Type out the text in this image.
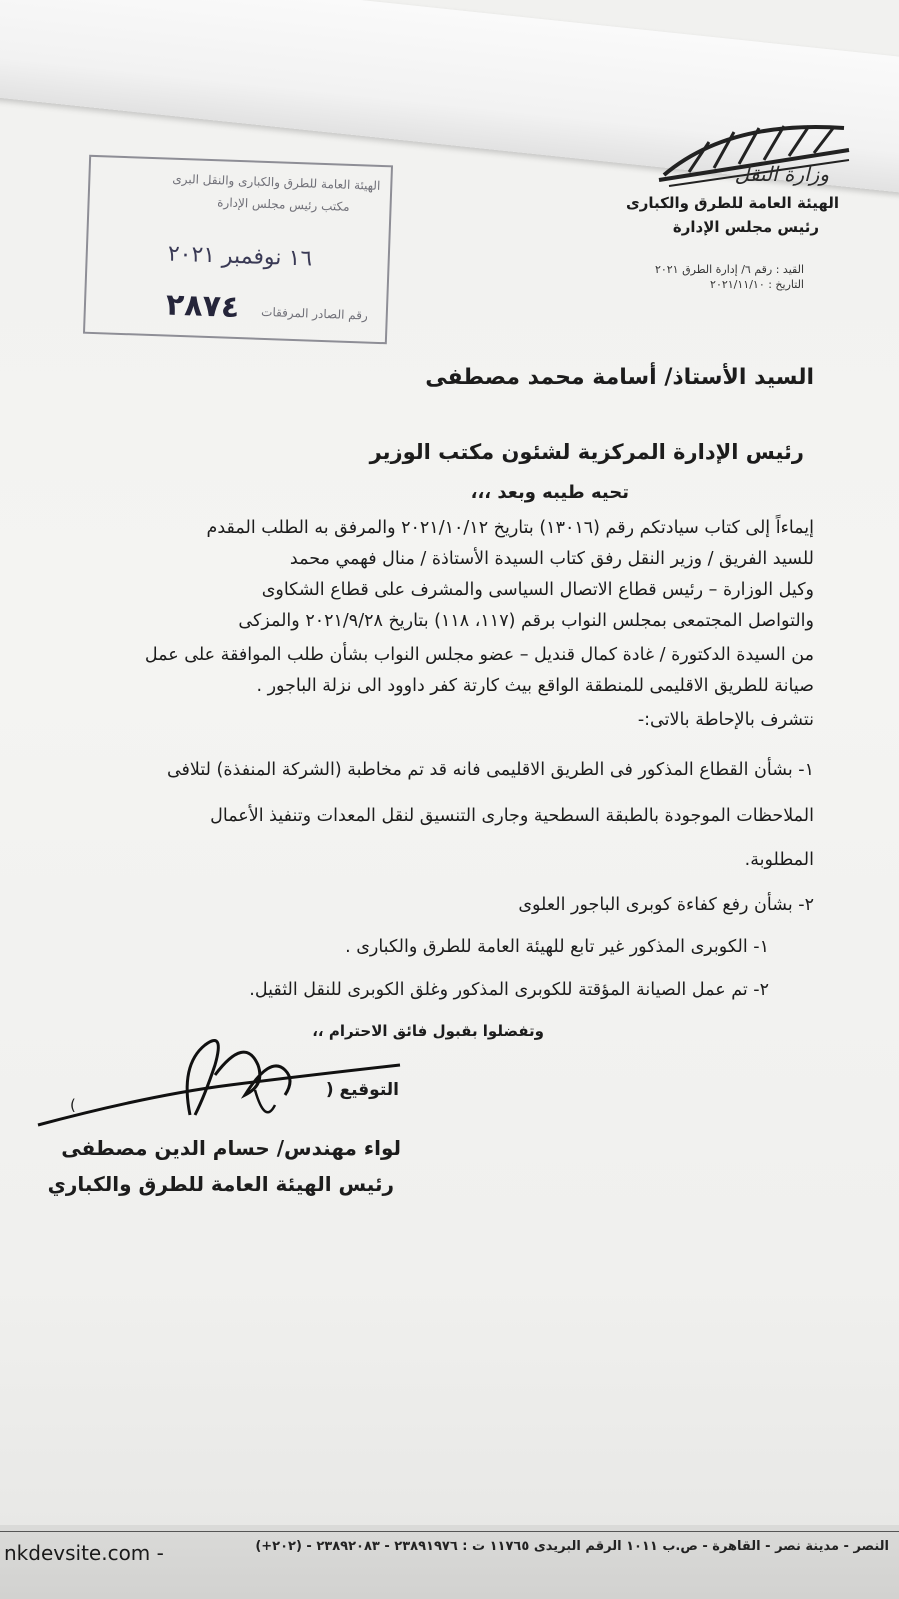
وزارة النقل
الهيئة العامة للطرق والكبارى
رئيس مجلس الإدارة
القيد : رقم ٦/ إدارة الطرق ٢٠٢١
التاريخ : ٢٠٢١/١١/١٠
الهيئة العامة للطرق والكبارى والنقل البرى
مكتب رئيس مجلس الإدارة
١٦ نوفمبر ٢٠٢١
٢٨٧٤ رقم الصادر المرفقات
السيد الأستاذ/ أسامة محمد مصطفى
رئيس الإدارة المركزية لشئون مكتب الوزير
تحيه طيبه وبعد ،،،
إيماءاً إلى كتاب سيادتكم رقم (١٣٠١٦) بتاريخ ٢٠٢١/١٠/١٢ والمرفق به الطلب المقدم
للسيد الفريق / وزير النقل رفق كتاب السيدة الأستاذة / منال فهمي محمد
وكيل الوزارة – رئيس قطاع الاتصال السياسى والمشرف على قطاع الشكاوى
والتواصل المجتمعى بمجلس النواب برقم (١١٧، ١١٨) بتاريخ ٢٠٢١/٩/٢٨ والمزكى
من السيدة الدكتورة / غادة كمال قنديل – عضو مجلس النواب بشأن طلب الموافقة على عمل
صيانة للطريق الاقليمى للمنطقة الواقع بيث كارتة كفر داوود الى نزلة الباجور .
نتشرف بالإحاطة بالاتى:-
١- بشأن القطاع المذكور فى الطريق الاقليمى فانه قد تم مخاطبة (الشركة المنفذة) لتلافى
الملاحظات الموجودة بالطبقة السطحية وجارى التنسيق لنقل المعدات وتنفيذ الأعمال
المطلوبة.
٢- بشأن رفع كفاءة كوبرى الباجور العلوى
١- الكوبرى المذكور غير تابع للهيئة العامة للطرق والكبارى .
٢- تم عمل الصيانة المؤقتة للكوبرى المذكور وغلق الكوبرى للنقل الثقيل.
وتفضلوا بقبول فائق الاحترام ،،
التوقيع (
)
لواء مهندس/ حسام الدين مصطفى
رئيس الهيئة العامة للطرق والكباري
النصر - مدينة نصر - القاهرة - ص.ب ١٠١١ الرقم البريدى ١١٧٦٥ ت : ٢٣٨٩١٩٧٦ - ٢٣٨٩٢٠٨٣ - (٢٠٢+)
nkdevsite.com -
